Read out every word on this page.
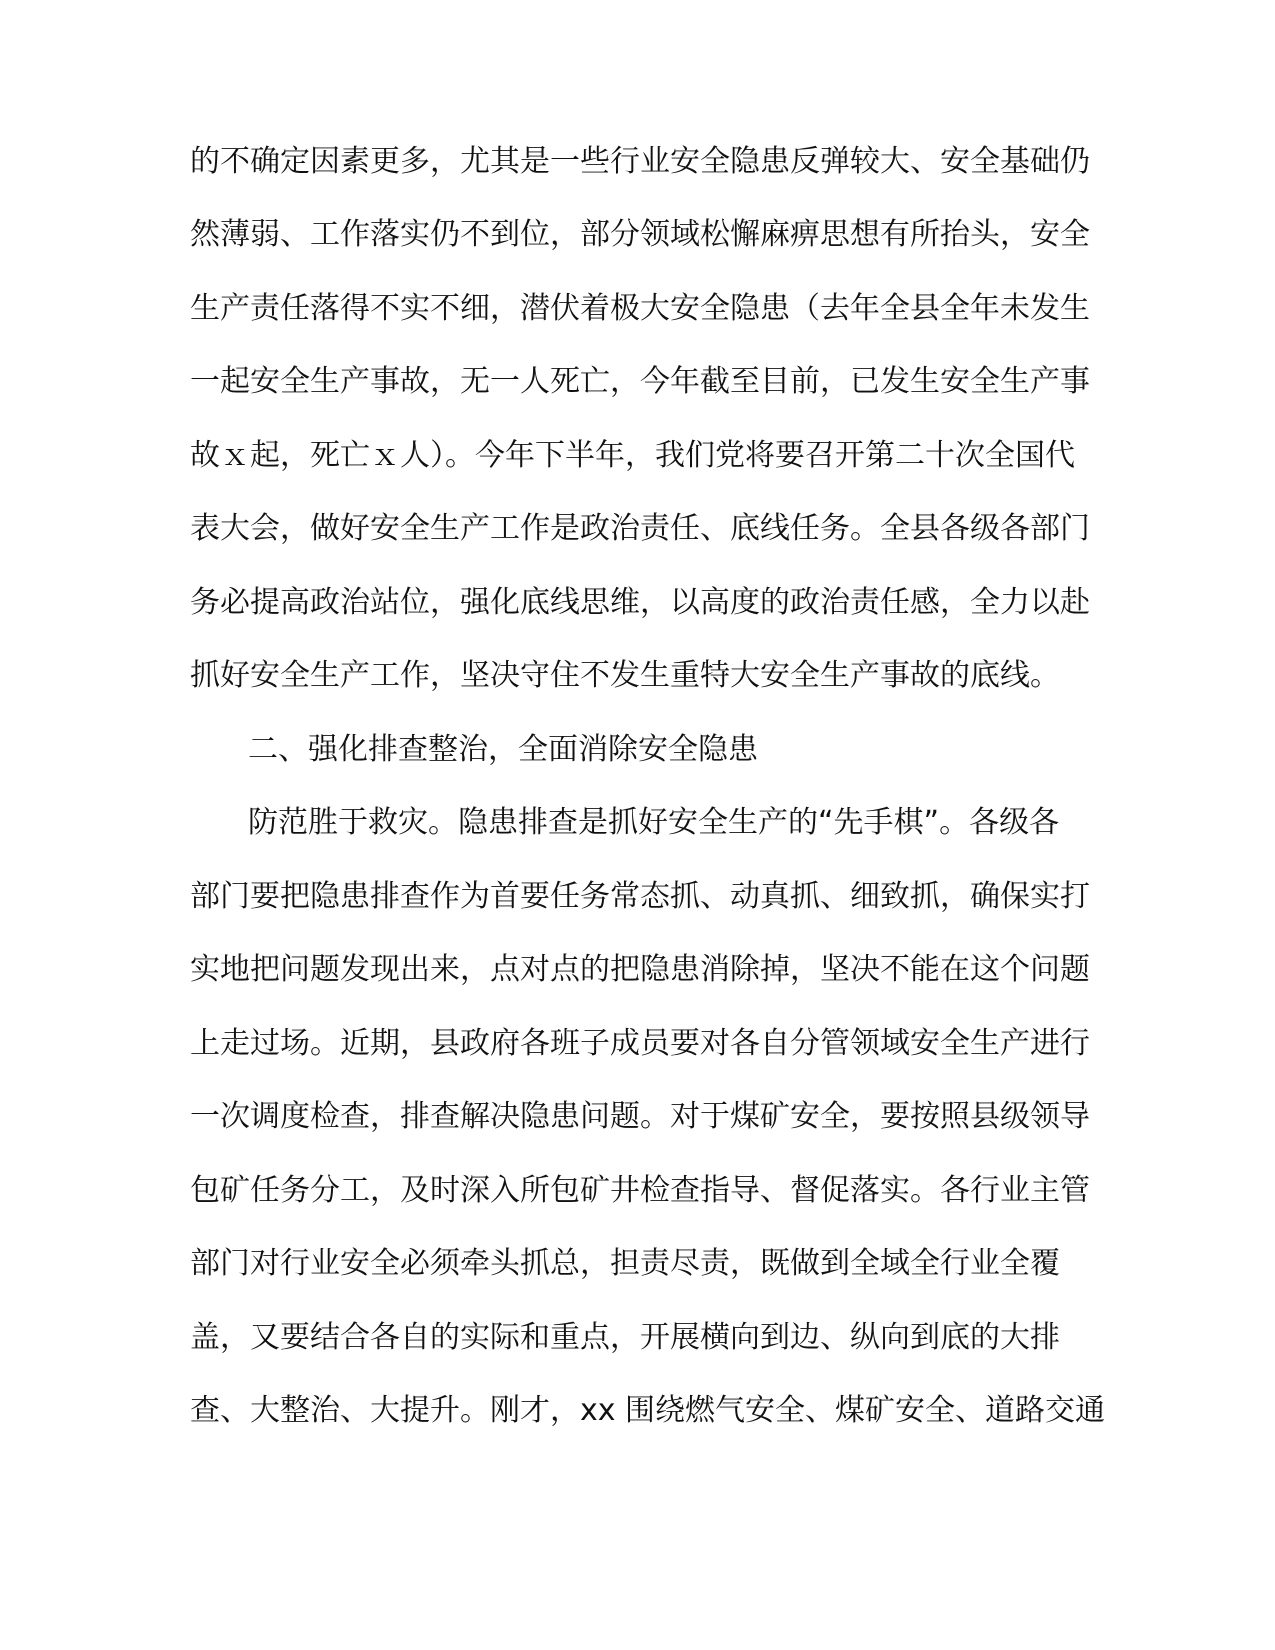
的不确定因素更多，尤其是一些行业安全隐患反弹较大、安全基础仍
然薄弱、工作落实仍不到位，部分领域松懈麻痹思想有所抬头，安全
生产责任落得不实不细，潜伏着极大安全隐患（去年全县全年未发生
一起安全生产事故，无一人死亡，今年截至目前，已发生安全生产事
故ｘ起，死亡ｘ人）。今年下半年，我们党将要召开第二十次全国代
表大会，做好安全生产工作是政治责任、底线任务。全县各级各部门
务必提高政治站位，强化底线思维，以高度的政治责任感，全力以赴
抓好安全生产工作，坚决守住不发生重特大安全生产事故的底线。
二、强化排查整治，全面消除安全隐患
防范胜于救灾。隐患排查是抓好安全生产的“先手棋”。各级各
部门要把隐患排查作为首要任务常态抓、动真抓、细致抓，确保实打
实地把问题发现出来，点对点的把隐患消除掉，坚决不能在这个问题
上走过场。近期，县政府各班子成员要对各自分管领域安全生产进行
一次调度检查，排查解决隐患问题。对于煤矿安全，要按照县级领导
包矿任务分工，及时深入所包矿井检查指导、督促落实。各行业主管
部门对行业安全必须牵头抓总，担责尽责，既做到全域全行业全覆
盖，又要结合各自的实际和重点，开展横向到边、纵向到底的大排
查、大整治、大提升。刚才，xx 围绕燃气安全、煤矿安全、道路交通
